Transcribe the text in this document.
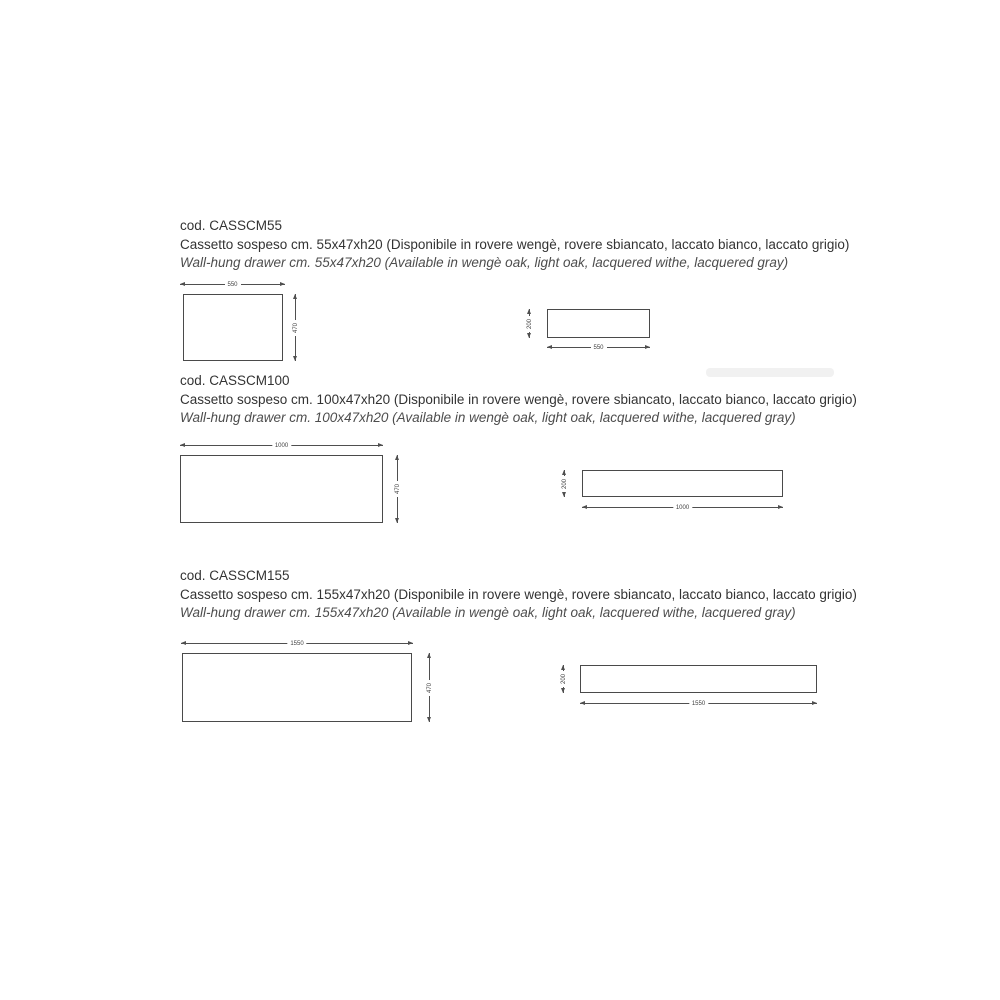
cod. CASSCM55
Cassetto sospeso cm. 55x47xh20 (Disponibile in rovere wengè, rovere sbiancato, laccato bianco, laccato grigio)
Wall-hung drawer cm. 55x47xh20 (Available in wengè oak, light oak, lacquered withe, lacquered gray)
550
470	200
550
cod. CASSCM100
Cassetto sospeso cm. 100x47xh20 (Disponibile in rovere wengè, rovere sbiancato, laccato bianco, laccato grigio)
Wall-hung drawer cm. 100x47xh20 (Available in wengè oak, light oak, lacquered withe, lacquered gray)
1000
470
200
1000
cod. CASSCM155
Cassetto sospeso cm. 155x47xh20 (Disponibile in rovere wengè, rovere sbiancato, laccato bianco, laccato grigio)
Wall-hung drawer cm. 155x47xh20 (Available in wengè oak, light oak, lacquered withe, lacquered gray)
1550
470
200
1550
